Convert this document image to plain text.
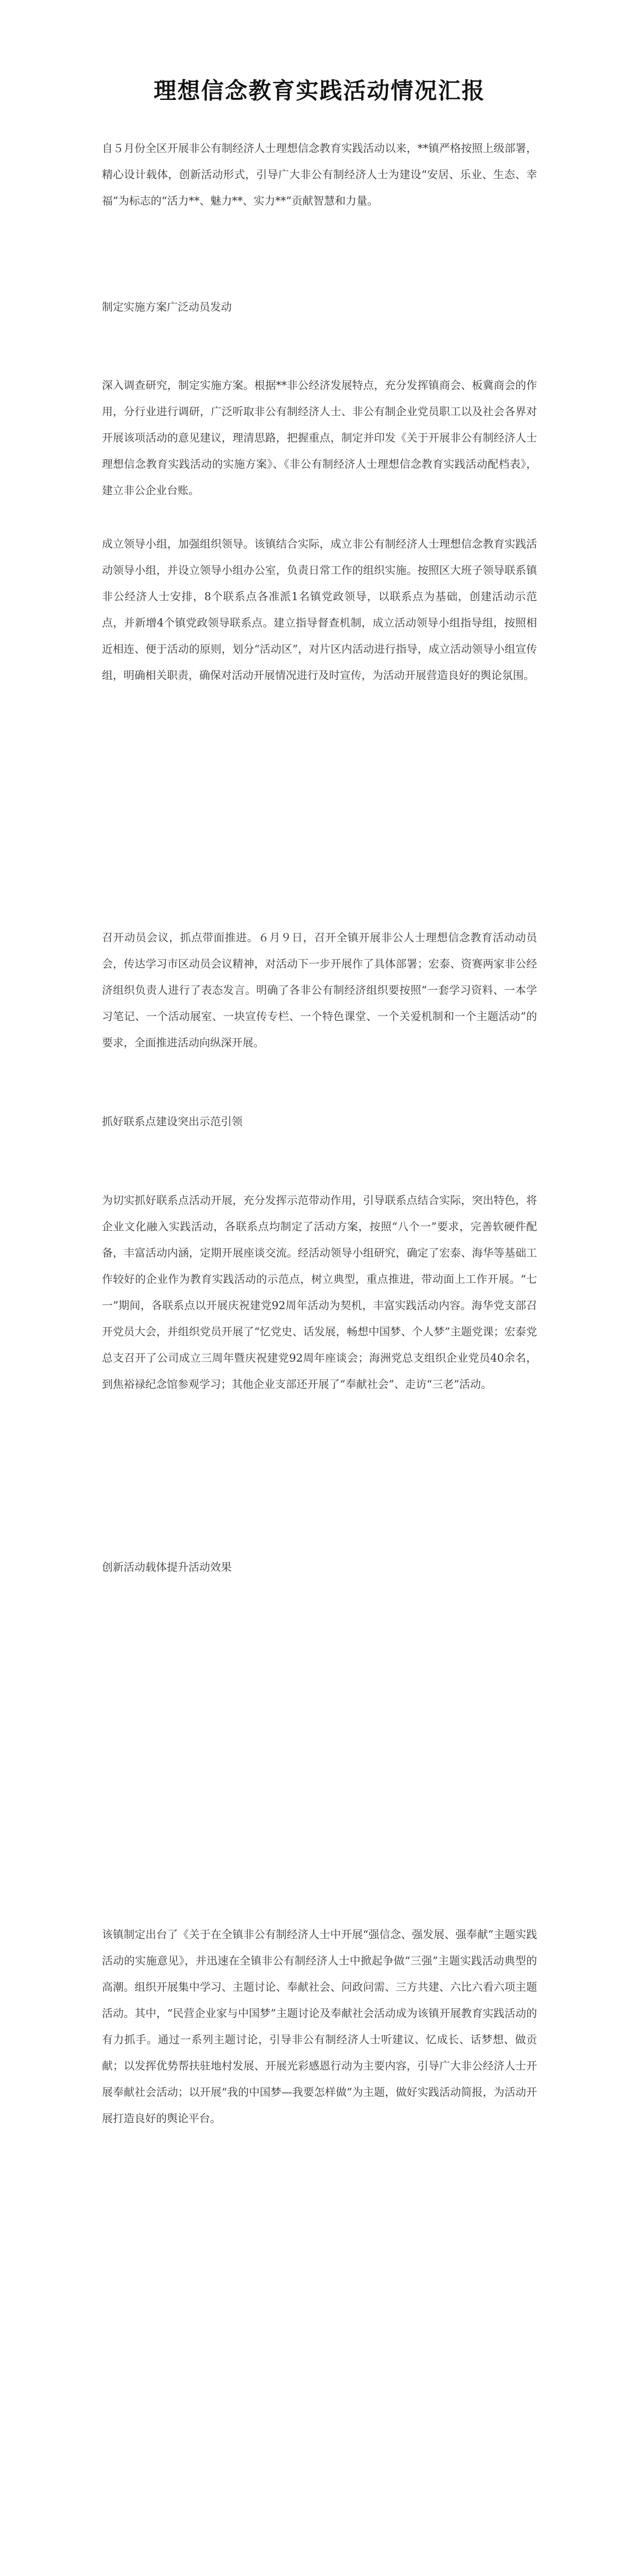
理想信念教育实践活动情况汇报

自５月份全区开展非公有制经济人士理想信念教育实践活动以来，**镇严格按照上级部署，精心设计载体，创新活动形式，引导广大非公有制经济人士为建设“安居、乐业、生态、幸福”为标志的“活力**、魅力**、实力**”贡献智慧和力量。

制定实施方案广泛动员发动

深入调查研究，制定实施方案。根据**非公经济发展特点，充分发挥镇商会、板冀商会的作用，分行业进行调研，广泛听取非公有制经济人士、非公有制企业党员职工以及社会各界对开展该项活动的意见建议，理清思路，把握重点，制定并印发《关于开展非公有制经济人士理想信念教育实践活动的实施方案》、《非公有制经济人士理想信念教育实践活动配档表》，建立非公企业台账。

成立领导小组，加强组织领导。该镇结合实际，成立非公有制经济人士理想信念教育实践活动领导小组，并设立领导小组办公室，负责日常工作的组织实施。按照区大班子领导联系镇非公经济人士安排，8个联系点各准派1名镇党政领导，以联系点为基础，创建活动示范点，并新增4个镇党政领导联系点。建立指导督查机制，成立活动领导小组指导组，按照相近相连、便于活动的原则，划分“活动区”，对片区内活动进行指导，成立活动领导小组宣传组，明确相关职责，确保对活动开展情况进行及时宣传，为活动开展营造良好的舆论氛围。

召开动员会议，抓点带面推进。６月９日，召开全镇开展非公人士理想信念教育活动动员会，传达学习市区动员会议精神，对活动下一步开展作了具体部署；宏泰、资赛两家非公经济组织负责人进行了表态发言。明确了各非公有制经济组织要按照“一套学习资料、一本学习笔记、一个活动展室、一块宣传专栏、一个特色课堂、一个关爱机制和一个主题活动”的要求，全面推进活动向纵深开展。

抓好联系点建设突出示范引领

为切实抓好联系点活动开展，充分发挥示范带动作用，引导联系点结合实际，突出特色，将企业文化融入实践活动，各联系点均制定了活动方案，按照“八个一”要求，完善软硬件配备，丰富活动内涵，定期开展座谈交流。经活动领导小组研究，确定了宏泰、海华等基础工作较好的企业作为教育实践活动的示范点，树立典型，重点推进，带动面上工作开展。“七一”期间，各联系点以开展庆祝建党92周年活动为契机，丰富实践活动内容。海华党支部召开党员大会，并组织党员开展了“忆党史、话发展，畅想中国梦、个人梦”主题党课；宏泰党总支召开了公司成立三周年暨庆祝建党92周年座谈会；海洲党总支组织企业党员40余名，到焦裕禄纪念馆参观学习；其他企业支部还开展了“奉献社会”、走访“三老”活动。

创新活动载体提升活动效果

该镇制定出台了《关于在全镇非公有制经济人士中开展“强信念、强发展、强奉献”主题实践活动的实施意见》，并迅速在全镇非公有制经济人士中掀起争做“三强”主题实践活动典型的高潮。组织开展集中学习、主题讨论、奉献社会、问政问需、三方共建、六比六看六项主题活动。其中，“民营企业家与中国梦”主题讨论及奉献社会活动成为该镇开展教育实践活动的有力抓手。通过一系列主题讨论，引导非公有制经济人士听建议、忆成长、话梦想、做贡献；以发挥优势帮扶驻地村发展、开展光彩感恩行动为主要内容，引导广大非公经济人士开展奉献社会活动；以开展“我的中国梦—我要怎样做”为主题，做好实践活动简报，为活动开展打造良好的舆论平台。
